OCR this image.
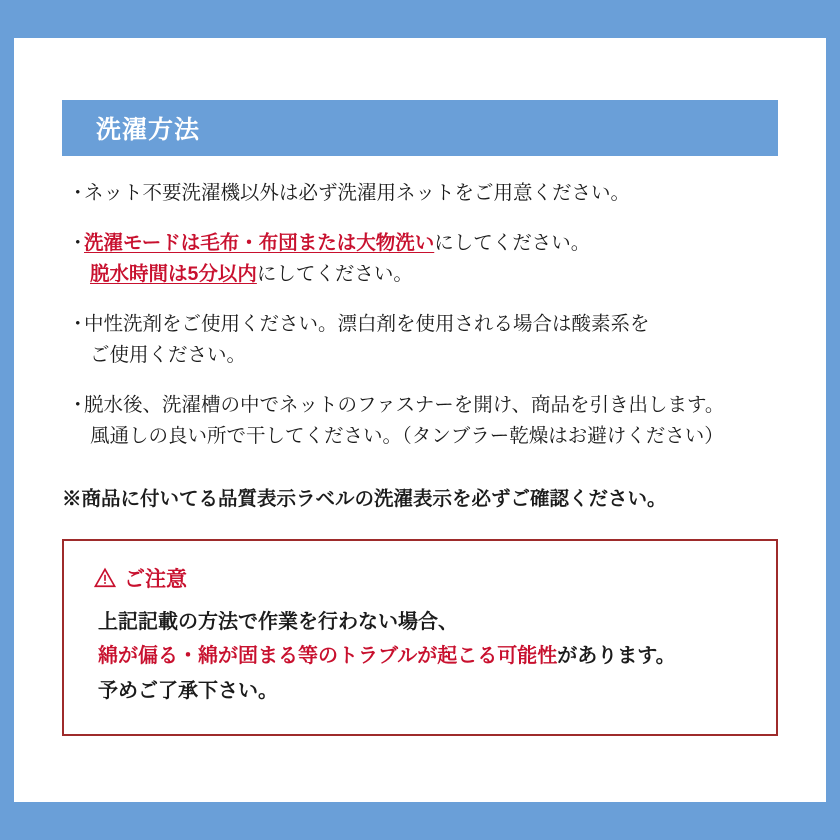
洗濯方法
・
ネット不要洗濯機以外は必ず洗濯用ネットをご用意ください。
・
洗濯モードは毛布・布団または大物洗いにしてください。
脱水時間は5分以内にしてください。
・
中性洗剤をご使用ください。漂白剤を使用される場合は酸素系を
ご使用ください。
・
脱水後、洗濯槽の中でネットのファスナーを開け、商品を引き出します。
風通しの良い所で干してください。（タンブラー乾燥はお避けください）
※商品に付いてる品質表示ラベルの洗濯表示を必ずご確認ください。
ご注意
上記記載の方法で作業を行わない場合、
綿が偏る・綿が固まる等のトラブルが起こる可能性があります。
予めご了承下さい。
